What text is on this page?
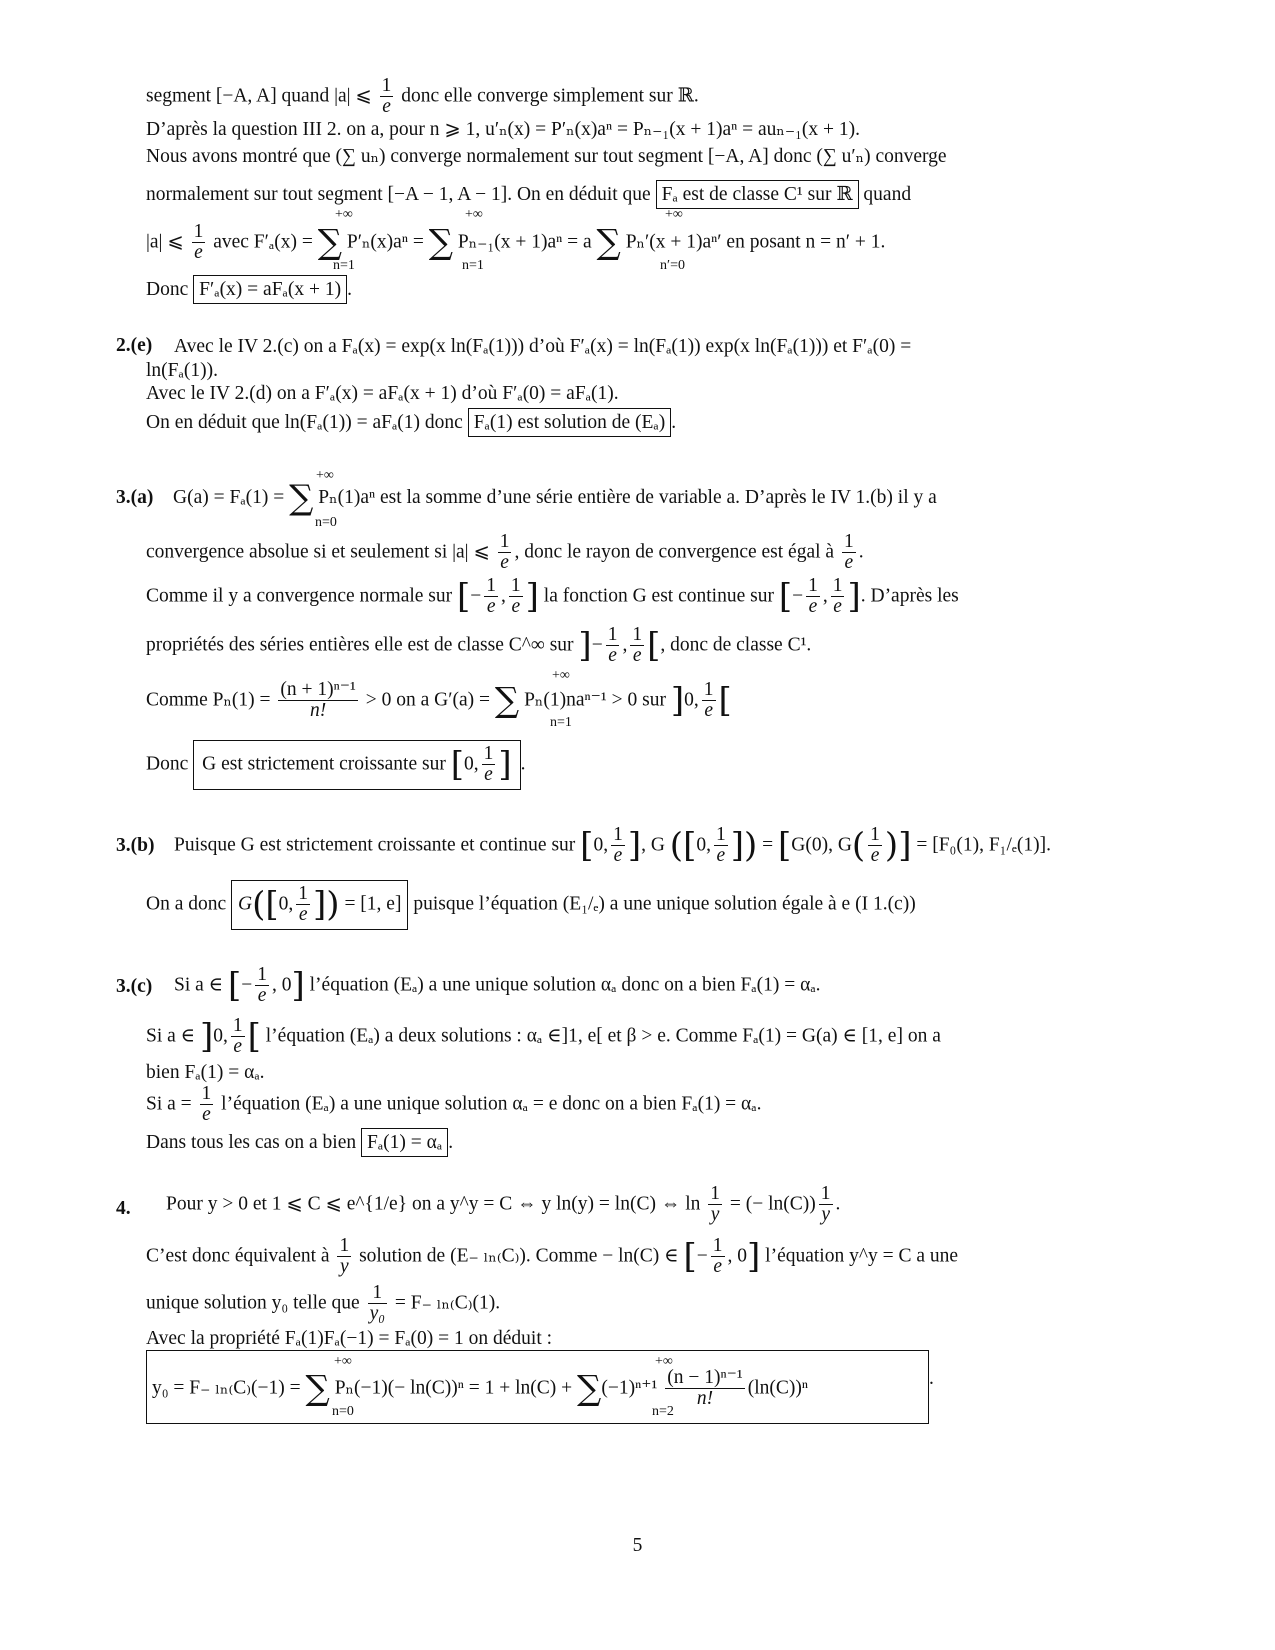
segment [−A, A] quand |a| ⩽ $\frac{1}{e}$ donc elle converge simplement sur ℝ.
D’après la question III 2. on a, pour n ⩾ 1, u′ₙ(x) = P′ₙ(x)aⁿ = Pₙ₋₁(x + 1)aⁿ = auₙ₋₁(x + 1).
Nous avons montré que (∑ uₙ) converge normalement sur tout segment [−A, A] donc (∑ u′ₙ) converge
normalement sur tout segment [−A − 1, A − 1]. On en déduit que Fₐ est de classe C¹ sur ℝ quand
+∞	+∞	+∞
|a| ⩽ $\frac{1}{e}$ avec F′ₐ(x) = ∑ P′ₙ(x)aⁿ = ∑ Pₙ₋₁(x + 1)aⁿ = a ∑ Pₙ′(x + 1)aⁿ′ en posant n = n′ + 1.
n=1	n=1	n′=0
Donc F′ₐ(x) = aFₐ(x + 1) .
2.(e) Avec le IV 2.(c) on a Fₐ(x) = exp(x ln(Fₐ(1))) d’où F′ₐ(x) = ln(Fₐ(1)) exp(x ln(Fₐ(1))) et F′ₐ(0) =
ln(Fₐ(1)).
Avec le IV 2.(d) on a F′ₐ(x) = aFₐ(x + 1) d’où F′ₐ(0) = aFₐ(1).
On en déduit que ln(Fₐ(1)) = aFₐ(1) donc Fₐ(1) est solution de (Eₐ) .
+∞
3.(a) G(a) = Fₐ(1) = ∑ Pₙ(1)aⁿ est la somme d’une série entière de variable a. D’après le IV 1.(b) il y a
n=0
convergence absolue si et seulement si |a| ⩽ $\frac{1}{e}$ , donc le rayon de convergence est égal à $\frac{1}{e}$ .
Comme il y a convergence normale sur [− $\frac{1}{e}$ , $\frac{1}{e}$ ] la fonction G est continue sur [− $\frac{1}{e}$ , $\frac{1}{e}$ ]. D’après les
propriétés des séries entières elle est de classe C^∞ sur ]− $\frac{1}{e}$ , $\frac{1}{e}$ [, donc de classe C¹.
+∞
Comme $P_n(1) = \frac{\text{(n + 1)ⁿ⁻¹}}{n!} > 0$ on a G′(a) = ∑ Pₙ(1)naⁿ⁻¹ > 0 sur ]0, $\frac{1}{e}$ [
n=1
Donc G est strictement croissante sur [0, $\frac{1}{e}$ ] .
3.(b) Puisque G est strictement croissante et continue sur [0, $\frac{1}{e}$ ], G ([0, $\frac{1}{e}$ ]) = [G(0), $G( \frac{1}{e}$ )] = [F₀(1), F₁/ₑ(1)].
On a donc G([0, $\frac{1}{e}$ ]) = [1, e] puisque l’équation (E₁/ₑ) a une unique solution égale à e (I 1.(c))
3.(c) Si a ∈ [− $\frac{1}{e}$ , 0] l’équation (Eₐ) a une unique solution αₐ donc on a bien Fₐ(1) = αₐ.
Si a ∈ ]0, $\frac{1}{e}$ [ l’équation (Eₐ) a deux solutions : αₐ ∈]1, e[ et β > e. Comme Fₐ(1) = G(a) ∈ [1, e] on a
bien Fₐ(1) = αₐ.
Si $a = \frac{1}{e}$ l’équation (Eₐ) a une unique solution αₐ = e donc on a bien Fₐ(1) = αₐ.
Dans tous les cas on a bien Fₐ(1) = αₐ .
4. Pour y > 0 et 1 ⩽ C ⩽ e^{1/e} on a y^y = C ⇔ y ln(y) = ln(C) ⇔ $\ln \frac{1}{y}$ = (− $\ln(C)) \frac{1}{y}$ .
C’est donc équivalent à $\frac{1}{y}$ solution de (E₋ ₗₙ₍C₎). Comme − ln(C) ∈ [− $\frac{1}{e}$ , 0] l’équation y^y = C a une
unique solution y₀ telle que $\frac{1}{\text{y₀}} = F_-$ ₗₙ₍C₎(1).
Avec la propriété Fₐ(1)Fₐ(−1) = Fₐ(0) = 1 on déduit :
+∞	+∞
y₀ = F₋ ₗₙ₍C₎(−1) = ∑ $P_n(-1)(- \ln(C))^n = 1 + \ln(C) + \sum(-1)^{n+1} \frac{\text{(n − 1)ⁿ⁻¹}}{n!} (\ln(C))^n$	.
n=0	n=2
5
